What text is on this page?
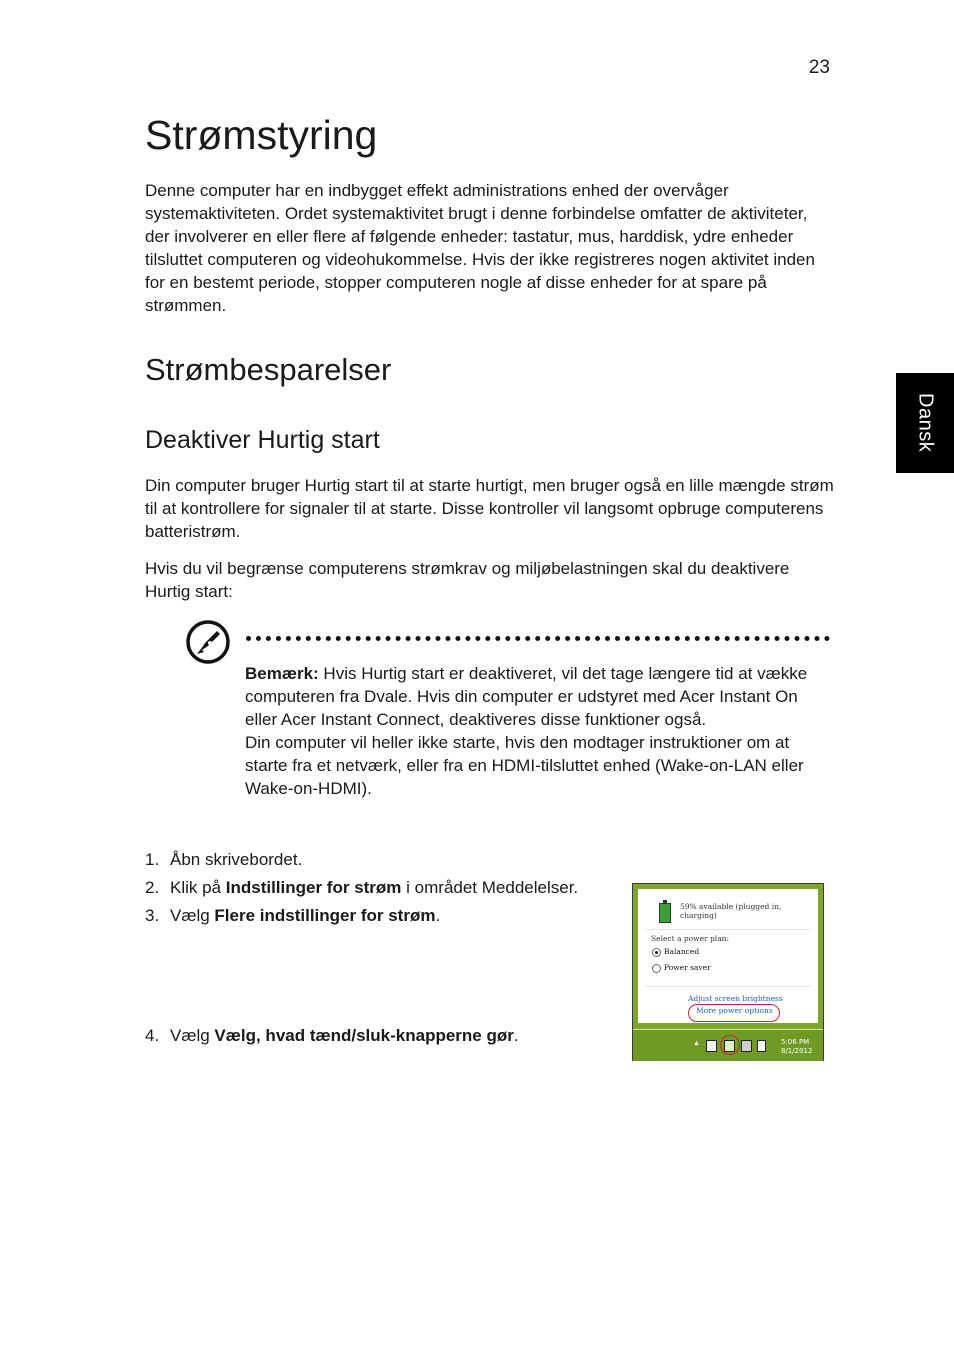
23
Dansk
Strømstyring

Denne computer har en indbygget effekt administrations enhed der overvåger systemaktiviteten. Ordet systemaktivitet brugt i denne forbindelse omfatter de aktiviteter, der involverer en eller flere af følgende enheder: tastatur, mus, harddisk, ydre enheder tilsluttet computeren og videohukommelse. Hvis der ikke registreres nogen aktivitet inden for en bestemt periode, stopper computeren nogle af disse enheder for at spare på strømmen.

Strømbesparelser
Deaktiver Hurtig start

Din computer bruger Hurtig start til at starte hurtigt, men bruger også en lille mængde strøm til at kontrollere for signaler til at starte. Disse kontroller vil langsomt opbruge computerens batteristrøm.

Hvis du vil begrænse computerens strømkrav og miljøbelastningen skal du deaktivere Hurtig start:

Bemærk: Hvis Hurtig start er deaktiveret, vil det tage længere tid at vække computeren fra Dvale. Hvis din computer er udstyret med Acer Instant On eller Acer Instant Connect, deaktiveres disse funktioner også.
Din computer vil heller ikke starte, hvis den modtager instruktioner om at starte fra et netværk, eller fra en HDMI-tilsluttet enhed (Wake-on-LAN eller Wake-on-HDMI).

1. Åbn skrivebordet.

2. Klik på Indstillinger for strøm i området Meddelelser.

3. Vælg Flere indstillinger for strøm.

4. Vælg Vælg, hvad tænd/sluk-knapperne gør.

59% available (plugged in,
charging)
Select a power plan:
Balanced
Power saver
Adjust screen brightness
More power options
▲	5:06 PM
8/1/2012
